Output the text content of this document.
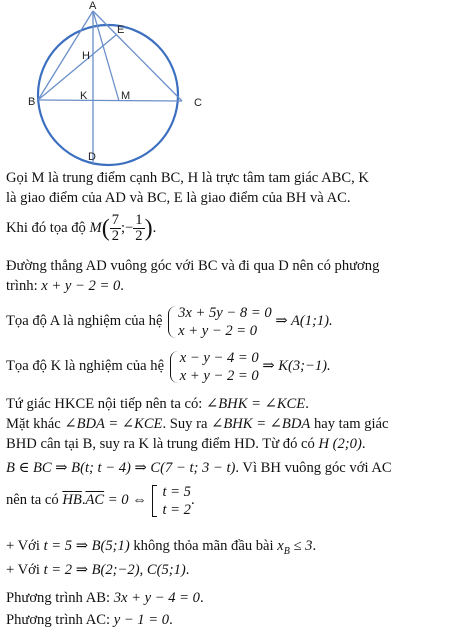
A
E
H
B	K	M
C
D
Gọi M là trung điểm cạnh BC, H là trực tâm tam giác ABC, K
là giao điểm của AD và BC, E là giao điểm của BH và AC.
Khi đó tọa độ $M( \frac{7}{2}$ ;− $\frac{1}{2}$ ).
Đường thẳng AD vuông góc với BC và đi qua D nên có phương
trình: x + y − 2 = 0.
Tọa độ A là nghiệm của hệ
3x + 5y − 8 = 0
x + y − 2 = 0
⇒ A(1;1).
Tọa độ K là nghiệm của hệ
x − y − 4 = 0
x + y − 2 = 0
⇒ K(3;−1).
Tứ giác HKCE nội tiếp nên ta có: ∠BHK = ∠KCE.
Mặt khác ∠BDA = ∠KCE. Suy ra ∠BHK = ∠BDA hay tam giác
BHD cân tại B, suy ra K là trung điểm HD. Từ đó có H (2;0).
B ∈ BC ⇒ B(t; t − 4) ⇒ C(7 − t; 3 − t). Vì BH vuông góc với AC
nên ta có $\overline{HB}.\overline{AC} = 0$ ⇔
t = 5
t = 2
.
+ Với t = 5 ⇒ B(5;1) không thỏa mãn đầu bài $x_B \le 3$.
+ Với t = 2 ⇒ B(2;−2), C(5;1).
Phương trình AB: 3x + y − 4 = 0.
Phương trình AC: y − 1 = 0.
